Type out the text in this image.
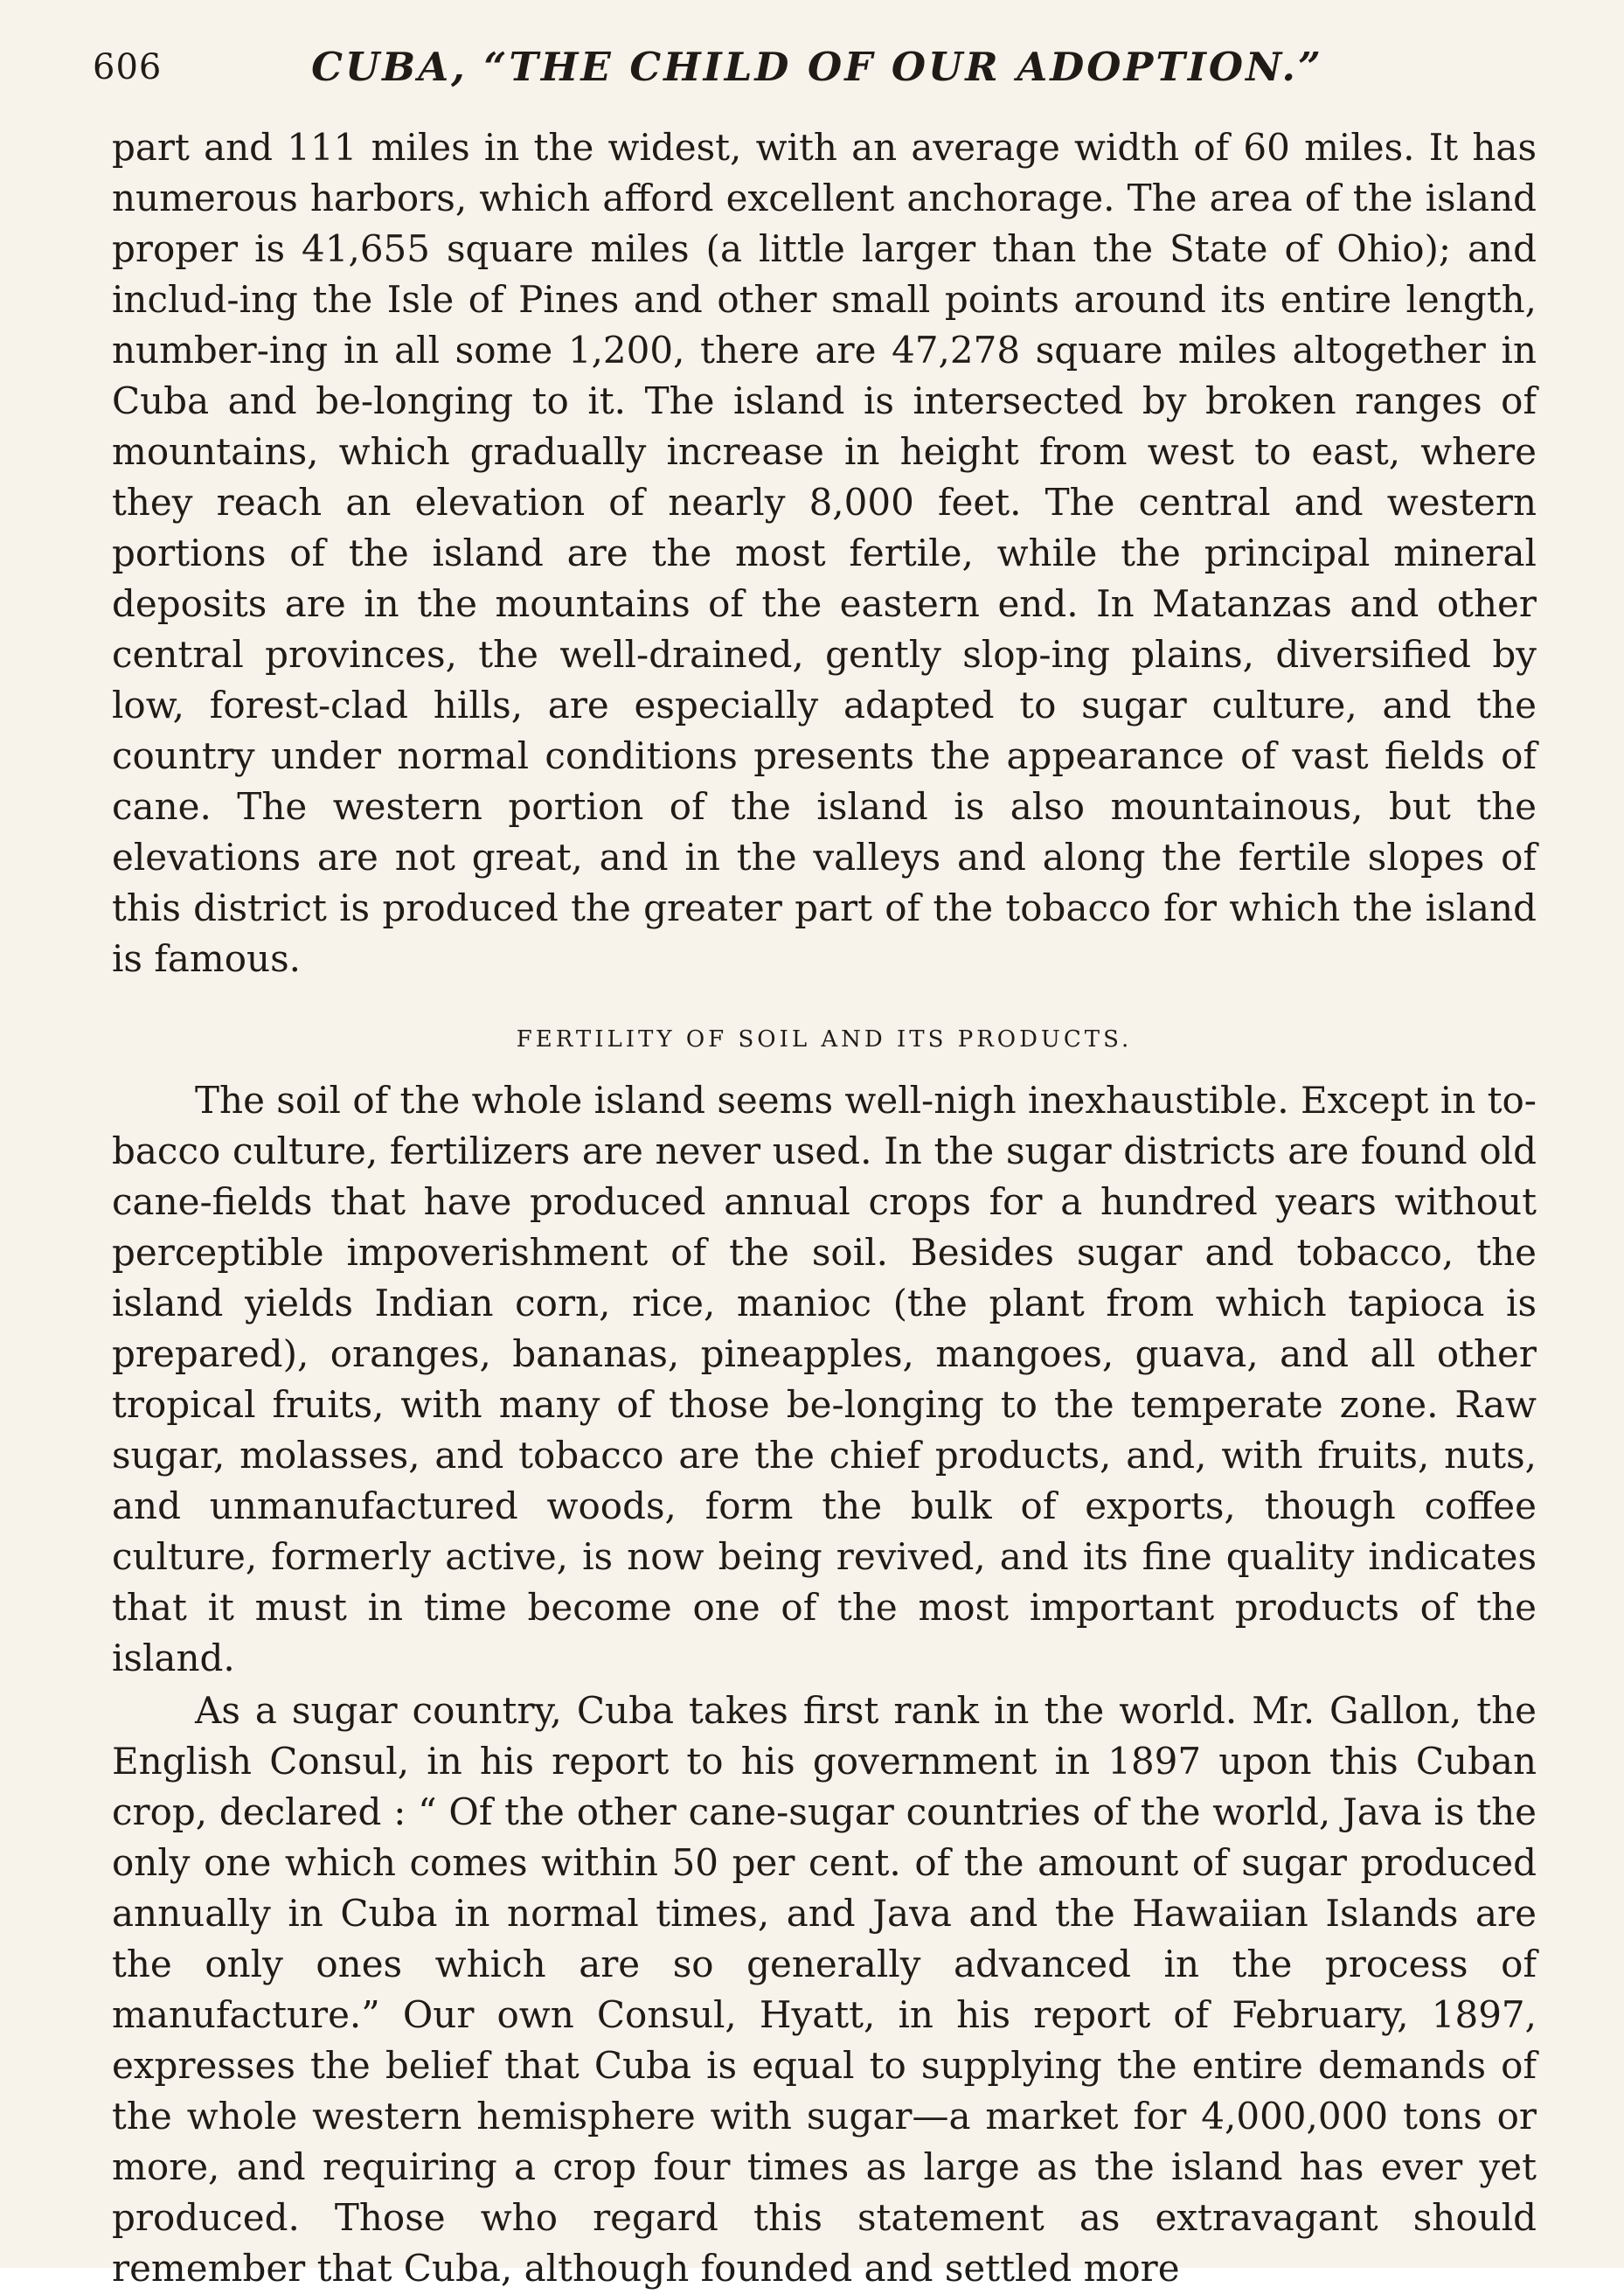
606	CUBA, “THE CHILD OF OUR ADOPTION.”

part and 111 miles in the widest, with an average width of 60 miles. It has numerous harbors, which afford excellent anchorage. The area of the island proper is 41,655 square miles (a little larger than the State of Ohio); and includ-ing the Isle of Pines and other small points around its entire length, number-ing in all some 1,200, there are 47,278 square miles altogether in Cuba and be-longing to it. The island is intersected by broken ranges of mountains, which gradually increase in height from west to east, where they reach an elevation of nearly 8,000 feet. The central and western portions of the island are the most fertile, while the principal mineral deposits are in the mountains of the eastern end. In Matanzas and other central provinces, the well-drained, gently slop-ing plains, diversified by low, forest-clad hills, are especially adapted to sugar culture, and the country under normal conditions presents the appearance of vast fields of cane. The western portion of the island is also mountainous, but the elevations are not great, and in the valleys and along the fertile slopes of this district is produced the greater part of the tobacco for which the island is famous.

FERTILITY OF SOIL AND ITS PRODUCTS.

The soil of the whole island seems well-nigh inexhaustible. Except in to-bacco culture, fertilizers are never used. In the sugar districts are found old cane-fields that have produced annual crops for a hundred years without perceptible impoverishment of the soil. Besides sugar and tobacco, the island yields Indian corn, rice, manioc (the plant from which tapioca is prepared), oranges, bananas, pineapples, mangoes, guava, and all other tropical fruits, with many of those be-longing to the temperate zone. Raw sugar, molasses, and tobacco are the chief products, and, with fruits, nuts, and unmanufactured woods, form the bulk of exports, though coffee culture, formerly active, is now being revived, and its fine quality indicates that it must in time become one of the most important products of the island.

As a sugar country, Cuba takes first rank in the world. Mr. Gallon, the English Consul, in his report to his government in 1897 upon this Cuban crop, declared : “ Of the other cane-sugar countries of the world, Java is the only one which comes within 50 per cent. of the amount of sugar produced annually in Cuba in normal times, and Java and the Hawaiian Islands are the only ones which are so generally advanced in the process of manufacture.” Our own Consul, Hyatt, in his report of February, 1897, expresses the belief that Cuba is equal to supplying the entire demands of the whole western hemisphere with sugar—a market for 4,000,000 tons or more, and requiring a crop four times as large as the island has ever yet produced. Those who regard this statement as extravagant should remember that Cuba, although founded and settled more
